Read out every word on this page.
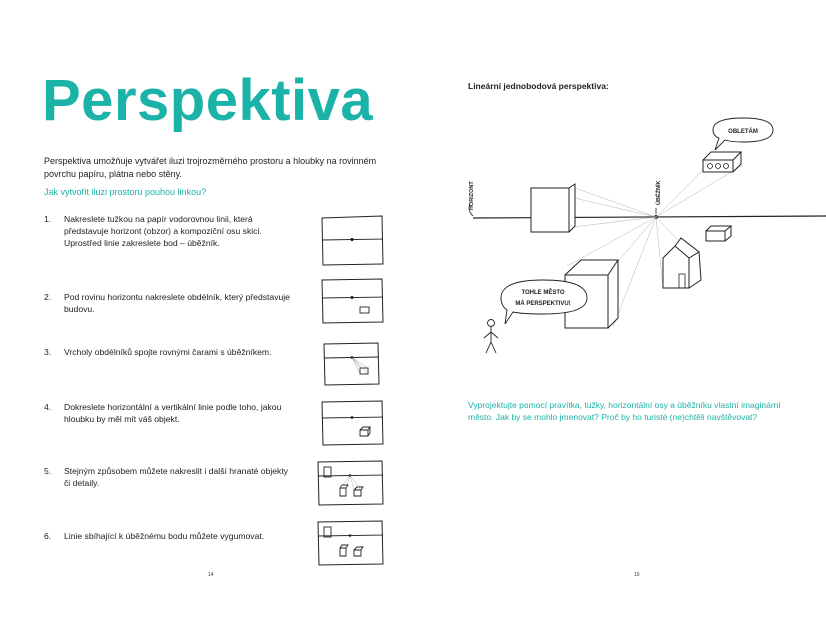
Perspektiva

Perspektiva umožňuje vytvářet iluzi trojrozměrného prostoru a hloubky na rovinném povrchu papíru, plátna nebo stěny.

Jak vytvořit iluzi prostoru pouhou linkou?

1.	Nakreslete tužkou na papír vodorovnou linii, která představuje horizont (obzor) a kompoziční osu skici. Uprostřed linie zakreslete bod – úběžník.
2.	Pod rovinu horizontu nakreslete obdélník, který představuje budovu.
3.	Vrcholy obdélníků spojte rovnými čarami s úběžníkem.
4.	Dokreslete horizontální a vertikální linie podle toho, jakou hloubku by měl mít váš objekt.
5.	Stejným způsobem můžete nakreslit i další hranaté objekty či detaily.
6.	Linie sbíhající k úběžnému bodu můžete vygumovat.
14

Lineární jednobodová perspektiva:

HORIZONT	ÚBĚŽNÍK
OBLETÁM
TOHLE MĚSTO
MÁ PERSPEKTIVU!

Vyprojektujte pomocí pravítka, tužky, horizontální osy a úběžníku vlastní imaginární město. Jak by se mohlo jmenovat? Proč by ho turisté (ne)chtěli navštěvovat?

15
